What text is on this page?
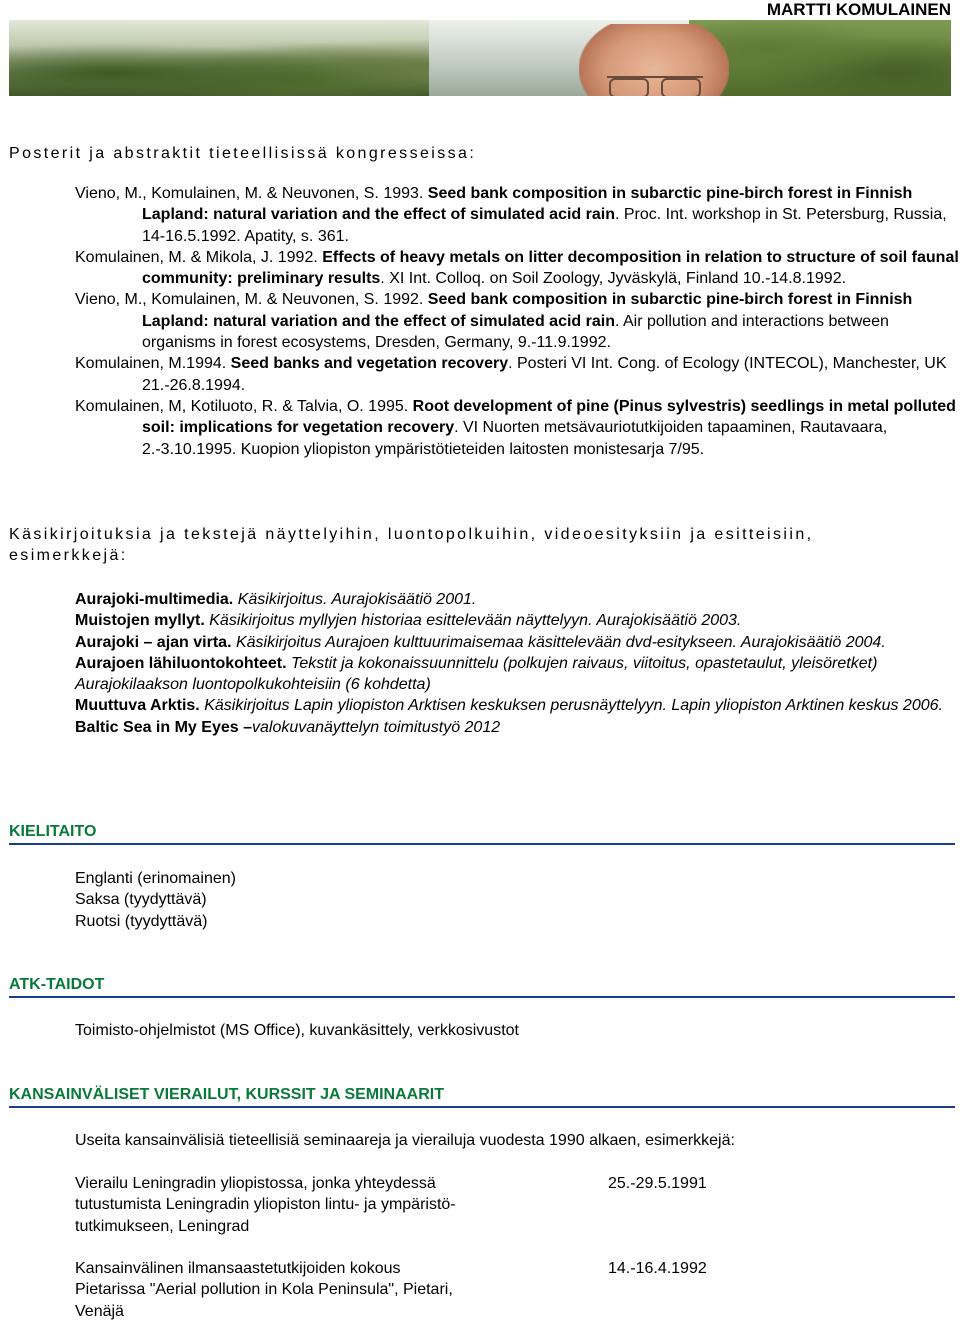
MARTTI KOMULAINEN
Posterit ja abstraktit tieteellisissä kongresseissa:
Vieno, M., Komulainen, M. & Neuvonen, S. 1993. Seed bank composition in subarctic pine-birch forest in Finnish Lapland: natural variation and the effect of simulated acid rain. Proc. Int. workshop in St. Petersburg, Russia, 14-16.5.1992. Apatity, s. 361.
Komulainen, M. & Mikola, J. 1992. Effects of heavy metals on litter decomposition in relation to structure of soil faunal community: preliminary results. XI Int. Colloq. on Soil Zoology, Jyväskylä, Finland 10.-14.8.1992.
Vieno, M., Komulainen, M. & Neuvonen, S. 1992. Seed bank composition in subarctic pine-birch forest in Finnish Lapland: natural variation and the effect of simulated acid rain. Air pollution and interactions between organisms in forest ecosystems, Dresden, Germany, 9.-11.9.1992.
Komulainen, M.1994. Seed banks and vegetation recovery. Posteri VI Int. Cong. of Ecology (INTECOL), Manchester, UK 21.-26.8.1994.
Komulainen, M, Kotiluoto, R. & Talvia, O. 1995. Root development of pine (Pinus sylvestris) seedlings in metal polluted soil: implications for vegetation recovery. VI Nuorten metsävauriotutkijoiden tapaaminen, Rautavaara, 2.-3.10.1995. Kuopion yliopiston ympäristötieteiden laitosten monistesarja 7/95.
Käsikirjoituksia ja tekstejä näyttelyihin, luontopolkuihin, videoesityksiin ja esitteisiin, esimerkkejä:

Aurajoki-multimedia. Käsikirjoitus. Aurajokisäätiö 2001.

Muistojen myllyt. Käsikirjoitus myllyjen historiaa esittelevään näyttelyyn. Aurajokisäätiö 2003.

Aurajoki – ajan virta. Käsikirjoitus Aurajoen kulttuurimaisemaa käsittelevään dvd-esitykseen. Aurajokisäätiö 2004.

Aurajoen lähiluontokohteet. Tekstit ja kokonaissuunnittelu (polkujen raivaus, viitoitus, opastetaulut, yleisöretket) Aurajokilaakson luontopolkukohteisiin (6 kohdetta)

Muuttuva Arktis. Käsikirjoitus Lapin yliopiston Arktisen keskuksen perusnäyttelyyn. Lapin yliopiston Arktinen keskus 2006.

Baltic Sea in My Eyes –valokuvanäyttelyn toimitustyö 2012

KIELITAITO
Englanti (erinomainen)
Saksa (tyydyttävä)
Ruotsi (tyydyttävä)
ATK-TAIDOT
Toimisto-ohjelmistot (MS Office), kuvankäsittely, verkkosivustot
KANSAINVÄLISET VIERAILUT, KURSSIT JA SEMINAARIT
Useita kansainvälisiä tieteellisiä seminaareja ja vierailuja vuodesta 1990 alkaen, esimerkkejä:
Vierailu Leningradin yliopistossa, jonka yhteydessä
tutustumista Leningradin yliopiston lintu- ja ympäristö-
tutkimukseen, Leningrad
25.-29.5.1991
Kansainvälinen ilmansaastetutkijoiden kokous
Pietarissa "Aerial pollution in Kola Peninsula", Pietari,
Venäjä
14.-16.4.1992
